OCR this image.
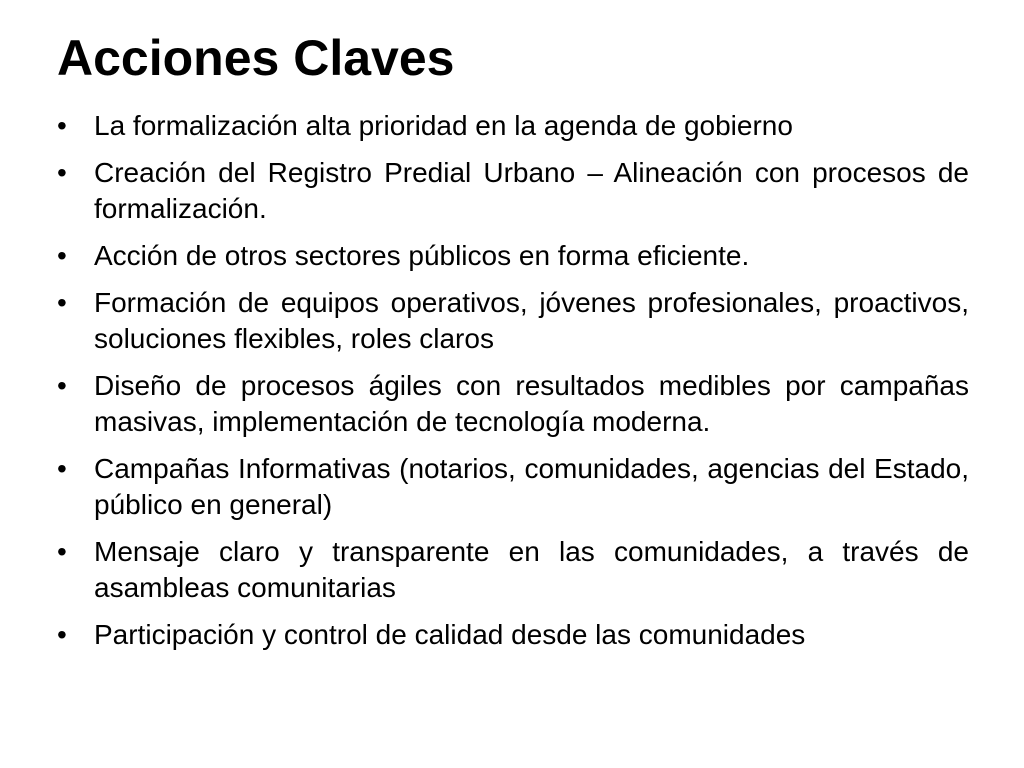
Acciones Claves
• La formalización alta prioridad en la agenda de gobierno
• Creación del Registro Predial Urbano – Alineación con procesos de formalización.
• Acción de otros sectores públicos en forma eficiente.
• Formación de equipos operativos, jóvenes profesionales, proactivos, soluciones flexibles, roles claros
• Diseño de procesos ágiles con resultados medibles por campañas masivas, implementación de tecnología moderna.
• Campañas Informativas (notarios, comunidades, agencias del Estado, público en general)
• Mensaje claro y transparente en las comunidades, a través de asambleas comunitarias
• Participación y control de calidad desde las comunidades
